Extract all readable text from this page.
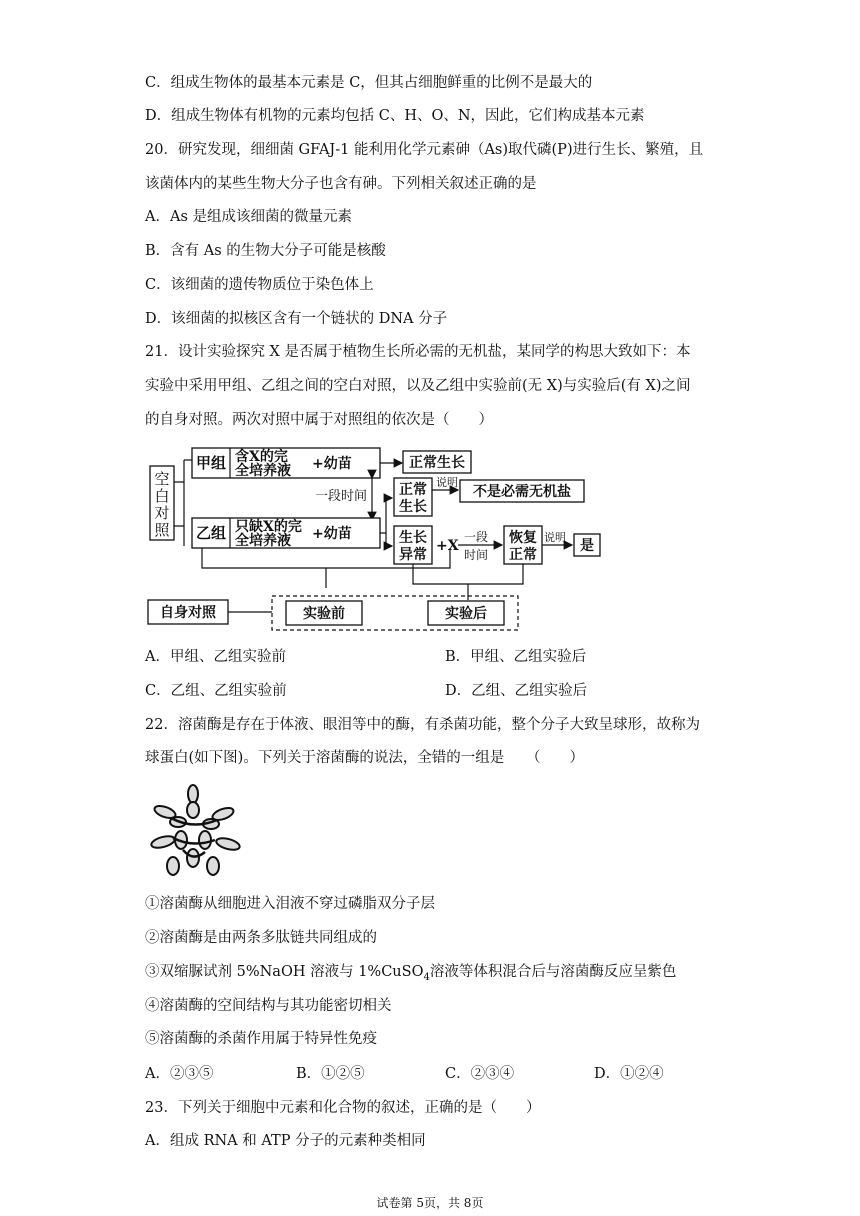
C．组成生物体的最基本元素是 C，但其占细胞鲜重的比例不是最大的
D．组成生物体有机物的元素均包括 C、H、O、N，因此，它们构成基本元素
20．研究发现，细细菌 GFAJ-1 能利用化学元素砷（As)取代磷(P)进行生长、繁殖，且
该菌体内的某些生物大分子也含有砷。下列相关叙述正确的是
A．As 是组成该细菌的微量元素
B．含有 As 的生物大分子可能是核酸
C．该细菌的遗传物质位于染色体上
D．该细菌的拟核区含有一个链状的 DNA 分子
21．设计实验探究 X 是否属于植物生长所必需的无机盐，某同学的构思大致如下：本
实验中采用甲组、乙组之间的空白对照，以及乙组中实验前(无 X)与实验后(有 X)之间
的自身对照。两次对照中属于对照组的依次是（　　）
空白对照
甲组 含X的完
全培养液 +幼苗	正常生长
一段时间 正常
生长
说明
不是必需无机盐
乙组 只缺X的完
全培养液 +幼苗	生长
异常
+X
一段
时间
恢复
正常
说明
是
自身对照	实验前	实验后
A．甲组、乙组实验前	B．甲组、乙组实验后
C．乙组、乙组实验前	D．乙组、乙组实验后
22．溶菌酶是存在于体液、眼泪等中的酶，有杀菌功能，整个分子大致呈球形，故称为
球蛋白(如下图)。下列关于溶菌酶的说法，全错的一组是　　（　　）
①溶菌酶从细胞进入泪液不穿过磷脂双分子层
②溶菌酶是由两条多肽链共同组成的
③双缩脲试剂 5%NaOH 溶液与 1%CuSO$_4$溶液等体积混合后与溶菌酶反应呈紫色
④溶菌酶的空间结构与其功能密切相关
⑤溶菌酶的杀菌作用属于特异性免疫
A．②③⑤	B．①②⑤	C．②③④	D．①②④
23．下列关于细胞中元素和化合物的叙述，正确的是（　　）
A．组成 RNA 和 ATP 分子的元素种类相同
试卷第 5页，共 8页
